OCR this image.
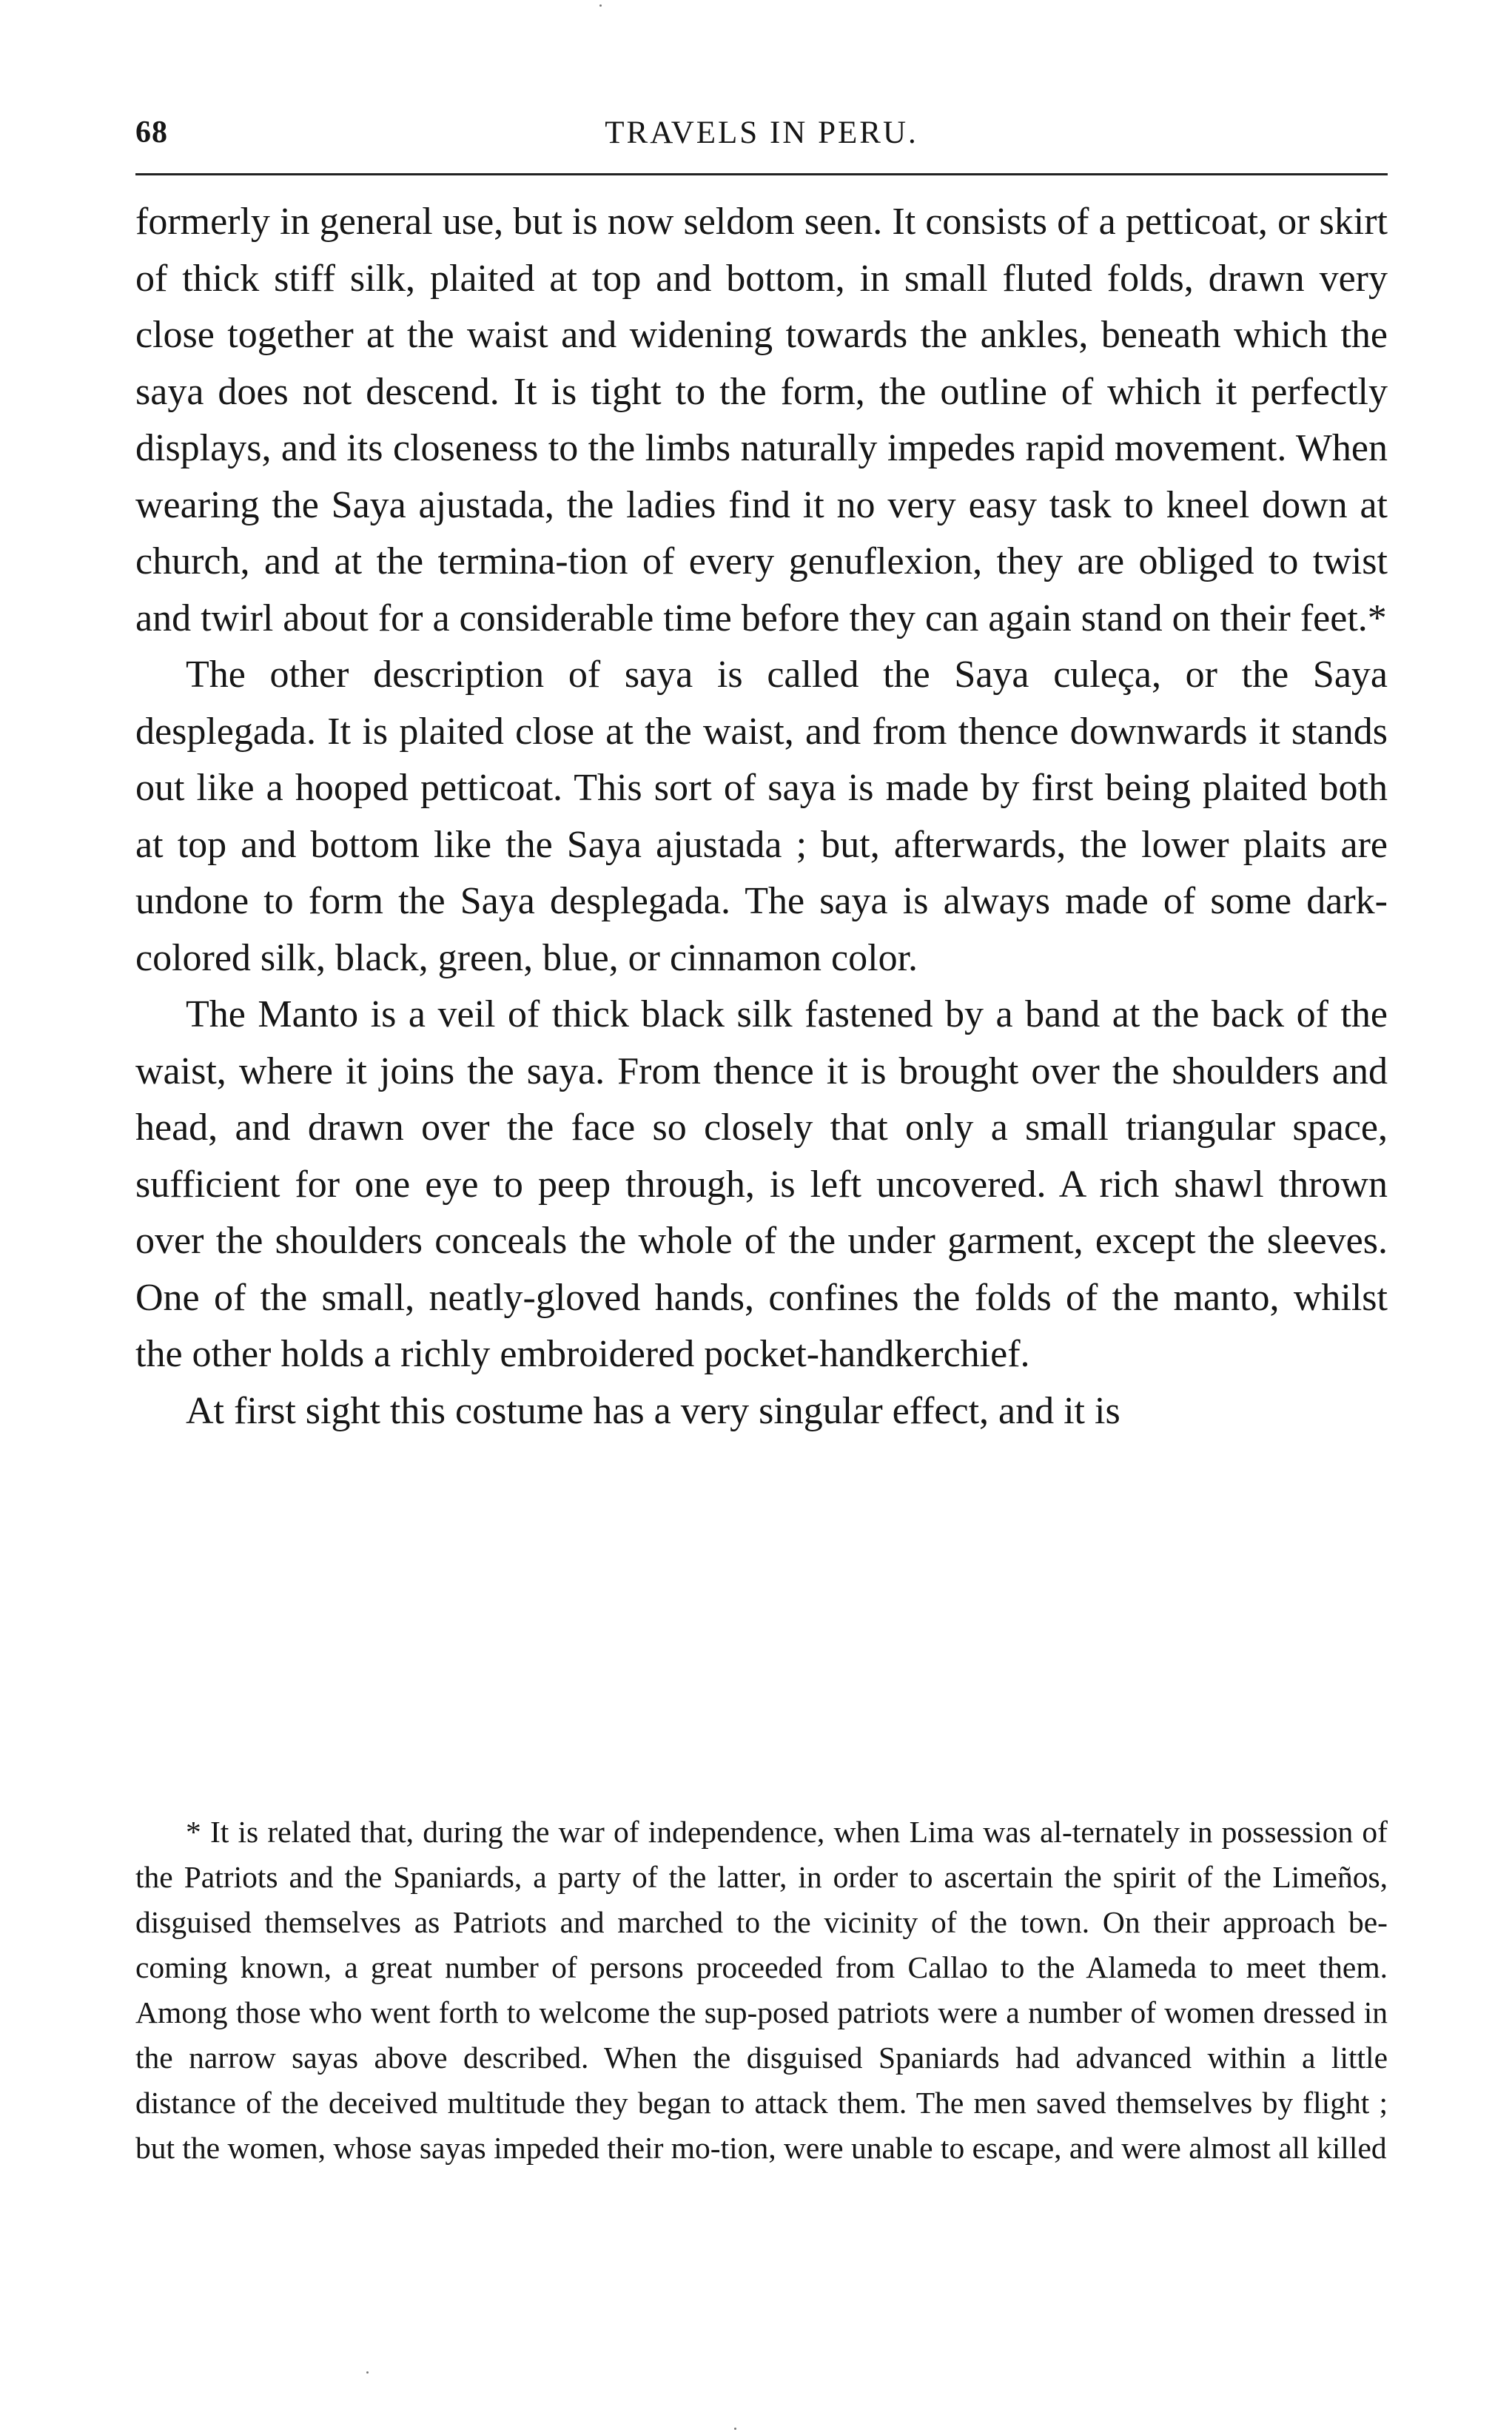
68	TRAVELS IN PERU.

formerly in general use, but is now seldom seen. It consists of a petticoat, or skirt of thick stiff silk, plaited at top and bottom, in small fluted folds, drawn very close together at the waist and widening towards the ankles, beneath which the saya does not descend. It is tight to the form, the outline of which it perfectly displays, and its closeness to the limbs naturally impedes rapid movement. When wearing the Saya ajustada, the ladies find it no very easy task to kneel down at church, and at the termina-tion of every genuflexion, they are obliged to twist and twirl about for a considerable time before they can again stand on their feet.*

The other description of saya is called the Saya culeça, or the Saya desplegada. It is plaited close at the waist, and from thence downwards it stands out like a hooped petticoat. This sort of saya is made by first being plaited both at top and bottom like the Saya ajustada ; but, afterwards, the lower plaits are undone to form the Saya desplegada. The saya is always made of some dark-colored silk, black, green, blue, or cinnamon color.

The Manto is a veil of thick black silk fastened by a band at the back of the waist, where it joins the saya. From thence it is brought over the shoulders and head, and drawn over the face so closely that only a small triangular space, sufficient for one eye to peep through, is left uncovered. A rich shawl thrown over the shoulders conceals the whole of the under garment, except the sleeves. One of the small, neatly-gloved hands, confines the folds of the manto, whilst the other holds a richly embroidered pocket-handkerchief.

At first sight this costume has a very singular effect, and it is

* It is related that, during the war of independence, when Lima was al-ternately in possession of the Patriots and the Spaniards, a party of the latter, in order to ascertain the spirit of the Limeños, disguised themselves as Patriots and marched to the vicinity of the town. On their approach be-coming known, a great number of persons proceeded from Callao to the Alameda to meet them. Among those who went forth to welcome the sup-posed patriots were a number of women dressed in the narrow sayas above described. When the disguised Spaniards had advanced within a little distance of the deceived multitude they began to attack them. The men saved themselves by flight ; but the women, whose sayas impeded their mo-tion, were unable to escape, and were almost all killed
